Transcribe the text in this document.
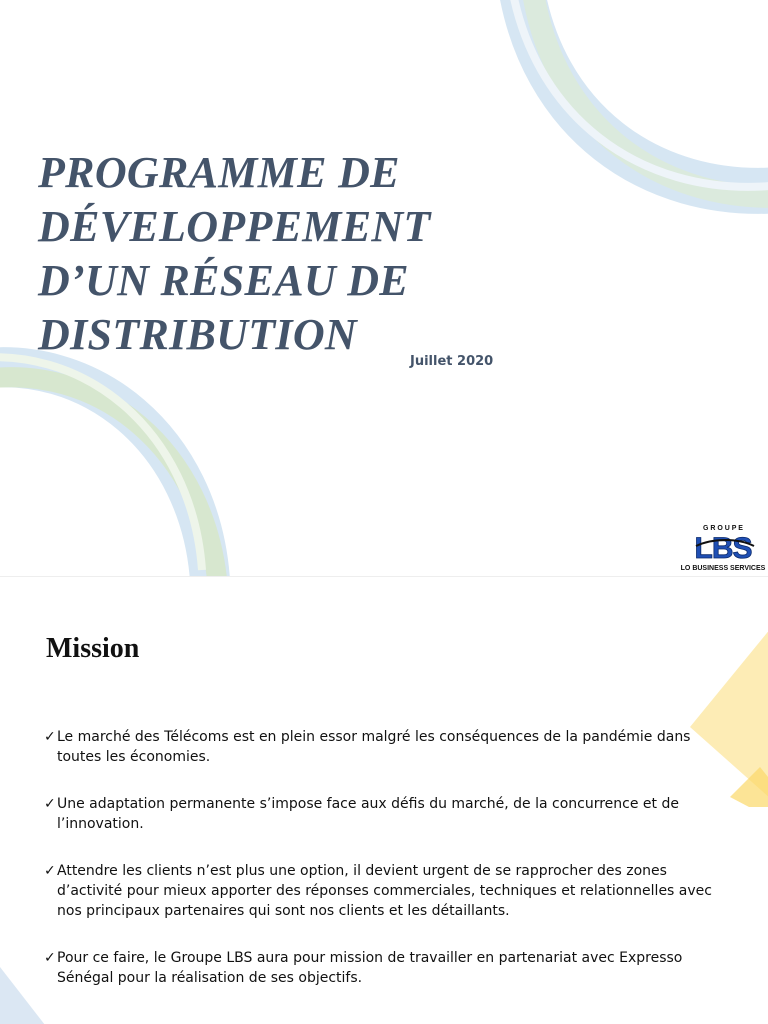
PROGRAMME DE DÉVELOPPEMENT D’UN RÉSEAU DE DISTRIBUTION
Juillet 2020
G R O U P E
LBS
LO BUSINESS SERVICES
Mission
✓ Le marché des Télécoms est en plein essor malgré les conséquences de la pandémie dans toutes les économies.
✓ Une adaptation permanente s’impose face aux défis du marché, de la concurrence et de l’innovation.
✓ Attendre les clients n’est plus une option, il devient urgent de se rapprocher des zones d’activité pour mieux apporter des réponses commerciales, techniques et relationnelles avec nos principaux partenaires qui sont nos clients et les détaillants.
✓ Pour ce faire, le Groupe LBS aura pour mission de travailler en partenariat avec Expresso Sénégal pour la réalisation de ses objectifs.
